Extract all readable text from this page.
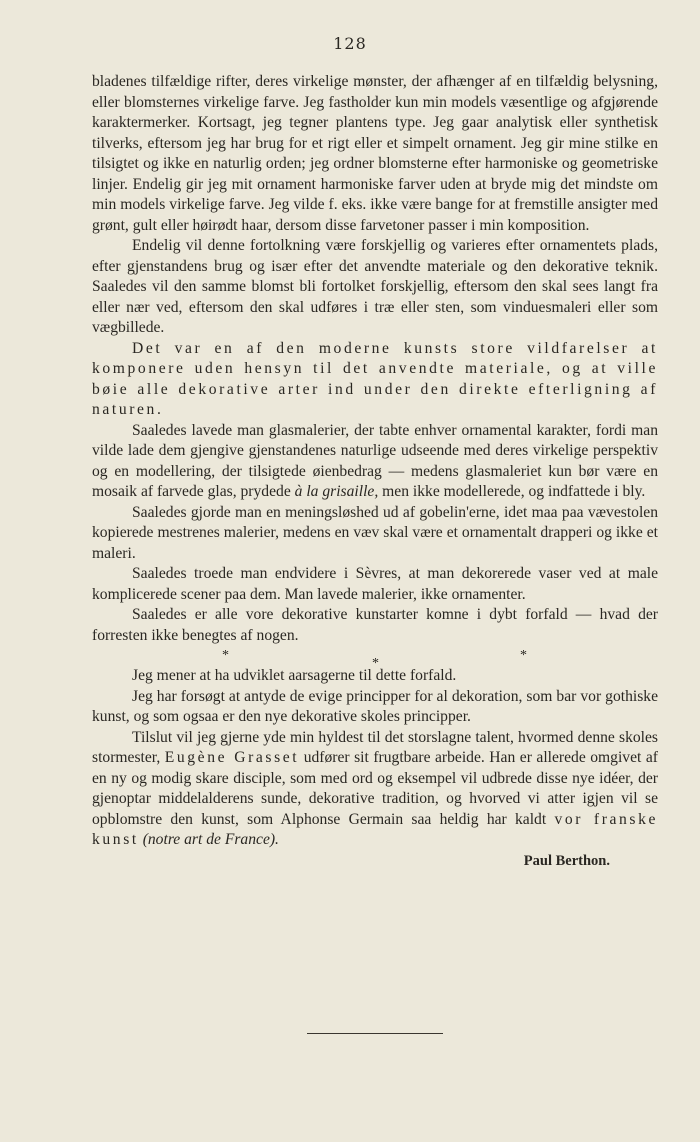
128

bladenes tilfældige rifter, deres virkelige mønster, der afhænger af en tilfældig belysning, eller blomsternes virkelige farve. Jeg fastholder kun min models væsentlige og afgjørende karaktermerker. Kortsagt, jeg tegner plantens type. Jeg gaar analytisk eller synthetisk tilverks, eftersom jeg har brug for et rigt eller et simpelt ornament. Jeg gir mine stilke en tilsigtet og ikke en naturlig orden; jeg ordner blomsterne efter harmoniske og geometriske linjer. Endelig gir jeg mit ornament harmoniske farver uden at bryde mig det mindste om min models virkelige farve. Jeg vilde f. eks. ikke være bange for at fremstille ansigter med grønt, gult eller høirødt haar, dersom disse farvetoner passer i min komposition.

Endelig vil denne fortolkning være forskjellig og varieres efter ornamentets plads, efter gjenstandens brug og især efter det anvendte materiale og den dekorative teknik. Saaledes vil den samme blomst bli fortolket forskjellig, eftersom den skal sees langt fra eller nær ved, eftersom den skal udføres i træ eller sten, som vinduesmaleri eller som vægbillede.

Det var en af den moderne kunsts store vildfarelser at komponere uden hensyn til det anvendte materiale, og at ville bøie alle dekorative arter ind under den direkte efterligning af naturen.

Saaledes lavede man glasmalerier, der tabte enhver ornamental karakter, fordi man vilde lade dem gjengive gjenstandenes naturlige udseende med deres virkelige perspektiv og en modellering, der tilsigtede øienbedrag — medens glasmaleriet kun bør være en mosaik af farvede glas, prydede à la grisaille, men ikke modellerede, og indfattede i bly.

Saaledes gjorde man en meningsløshed ud af gobelin'erne, idet maa paa vævestolen kopierede mestrenes malerier, medens en væv skal være et ornamentalt drapperi og ikke et maleri.

Saaledes troede man endvidere i Sèvres, at man dekorerede vaser ved at male komplicerede scener paa dem. Man lavede malerier, ikke ornamenter.

Saaledes er alle vore dekorative kunstarter komne i dybt forfald — hvad der forresten ikke benegtes af nogen.

*
*
*

Jeg mener at ha udviklet aarsagerne til dette forfald.

Jeg har forsøgt at antyde de evige principper for al dekoration, som bar vor gothiske kunst, og som ogsaa er den nye dekorative skoles principper.

Tilslut vil jeg gjerne yde min hyldest til det storslagne talent, hvormed denne skoles stormester, Eugène Grasset udfører sit frugtbare arbeide. Han er allerede omgivet af en ny og modig skare disciple, som med ord og eksempel vil udbrede disse nye idéer, der gjenoptar middelalderens sunde, dekorative tradition, og hvorved vi atter igjen vil se opblomstre den kunst, som Alphonse Germain saa heldig har kaldt vor franske kunst (notre art de France).

Paul Berthon.
